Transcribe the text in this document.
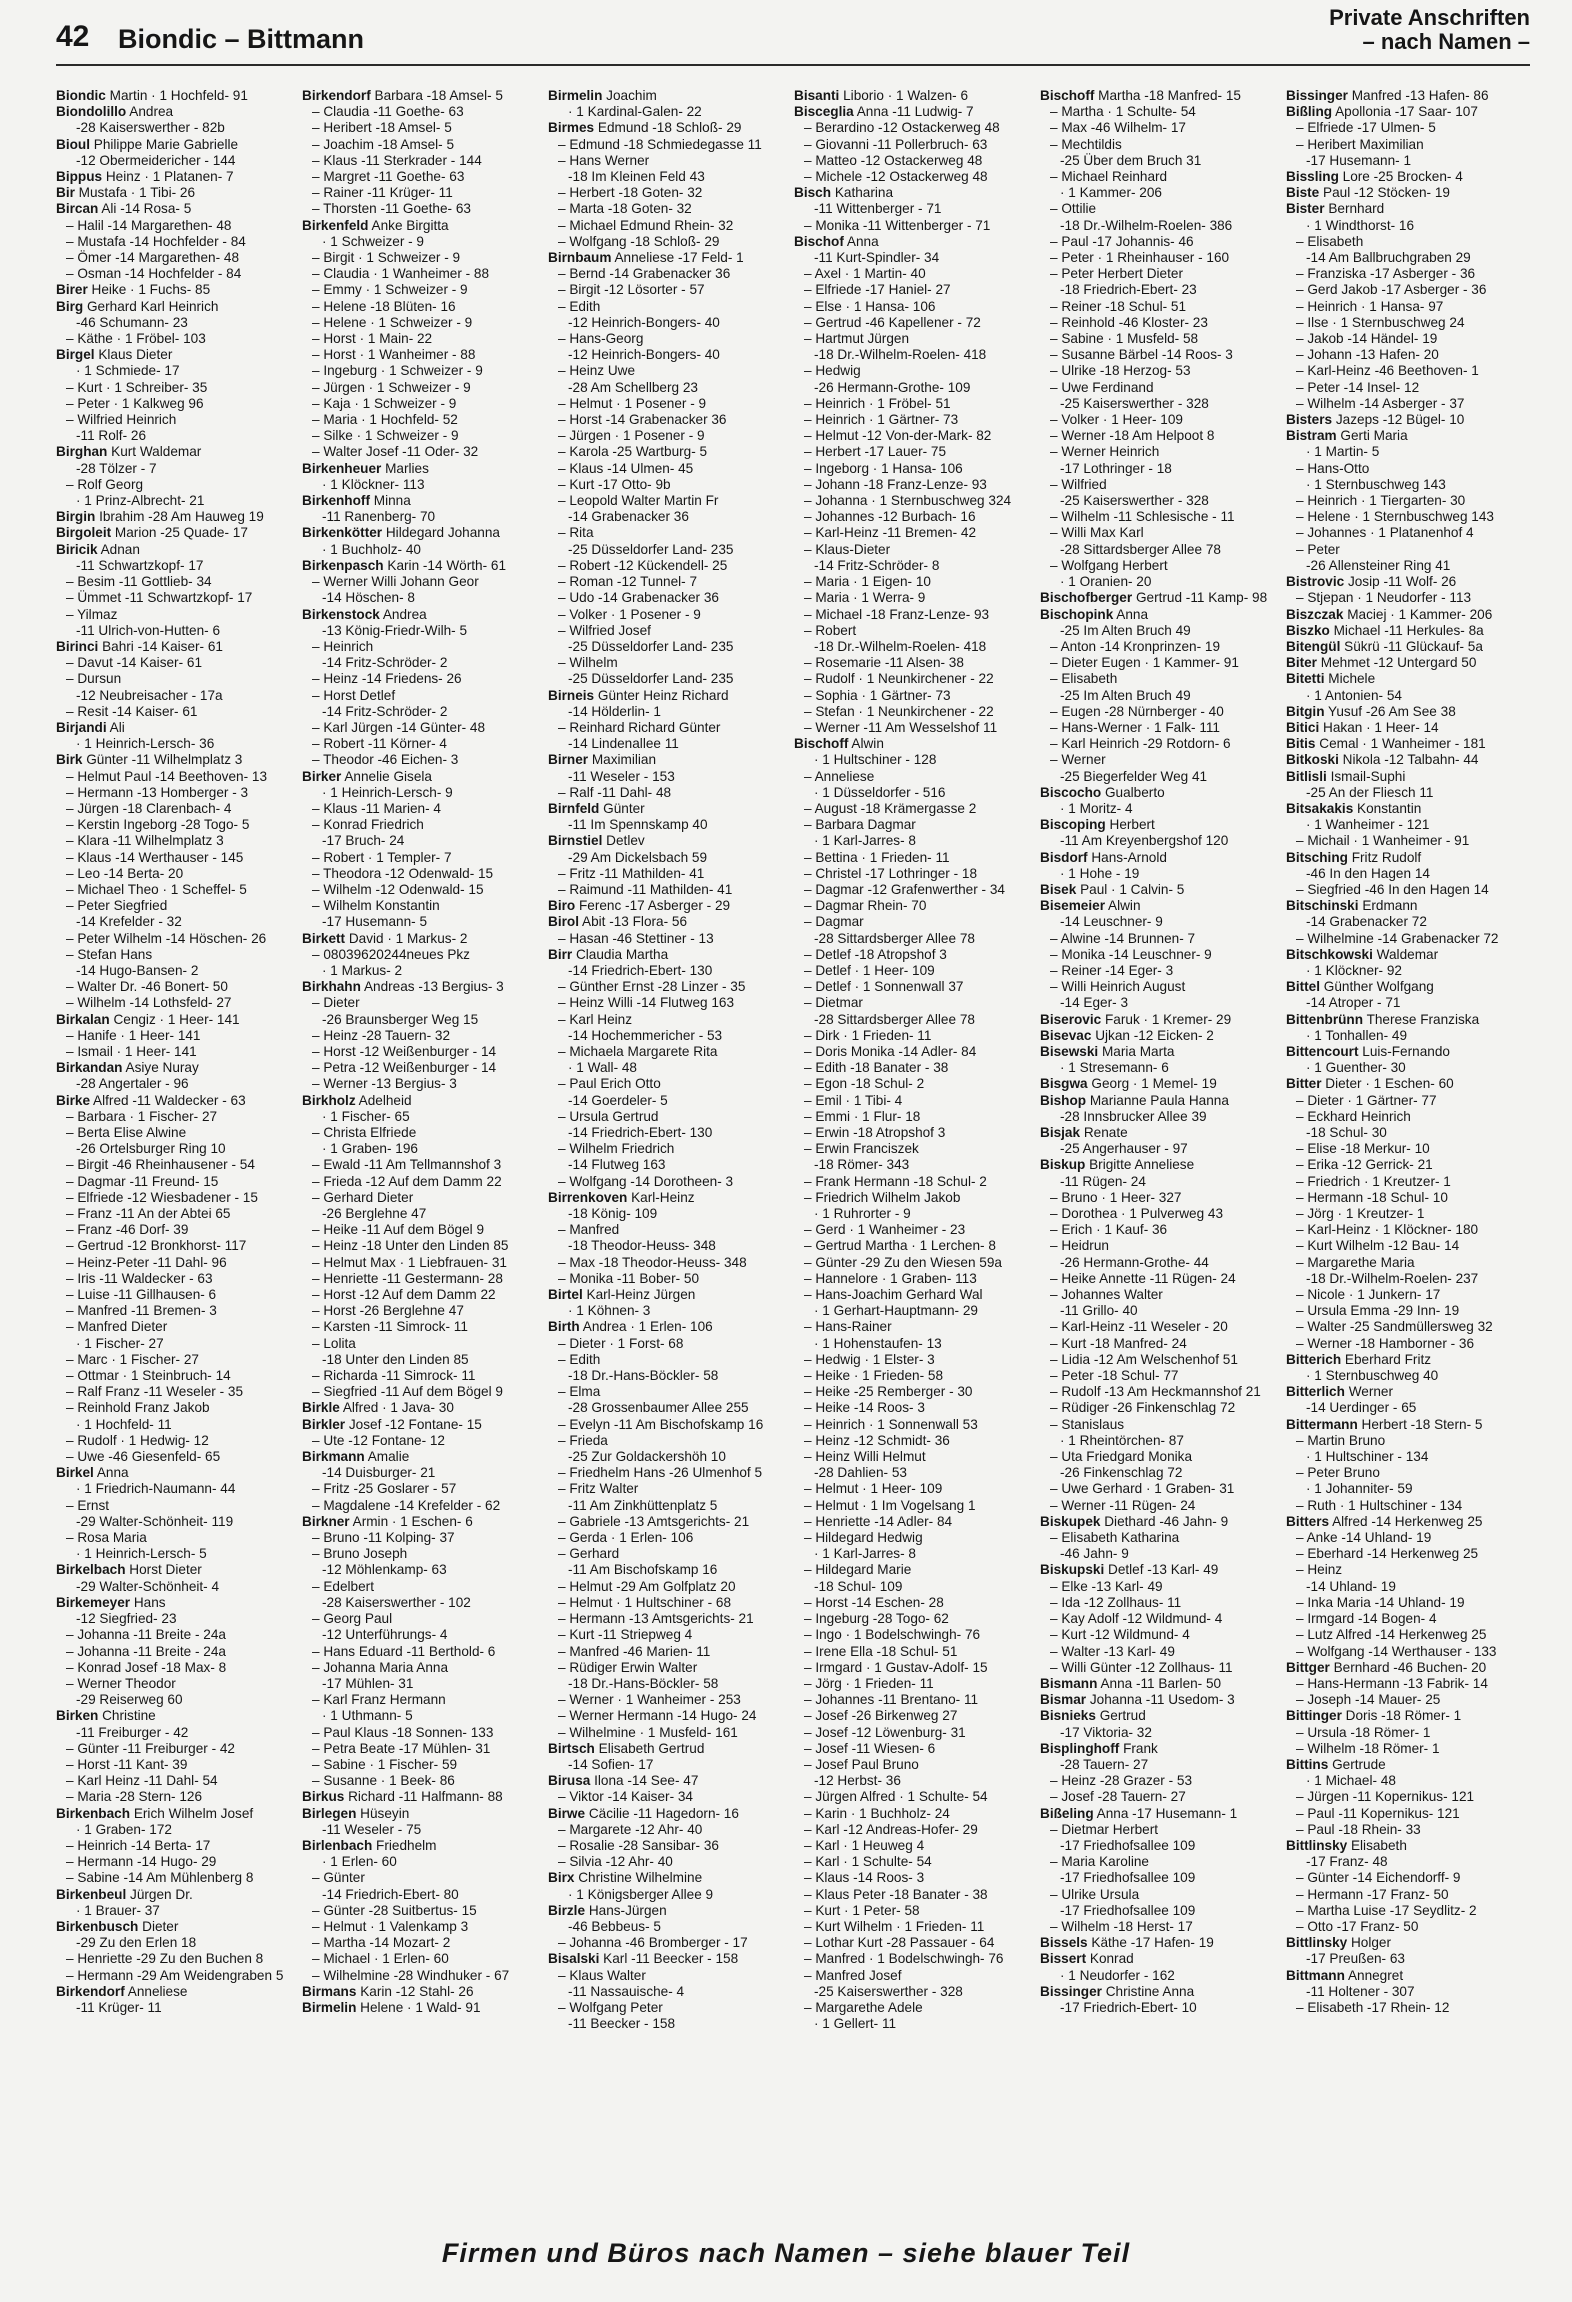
42 Biondic – Bittmann
Private Anschriften
– nach Namen –
Biondic Martin · 1 Hochfeld- 91
Biondolillo Andrea
-28 Kaiserswerther - 82b
Bioul Philippe Marie Gabrielle
-12 Obermeidericher - 144
Bippus Heinz · 1 Platanen- 7
Bir Mustafa · 1 Tibi- 26
Bircan Ali -14 Rosa- 5
– Halil -14 Margarethen- 48
– Mustafa -14 Hochfelder - 84
– Ömer -14 Margarethen- 48
– Osman -14 Hochfelder - 84
Birer Heike · 1 Fuchs- 85
Birg Gerhard Karl Heinrich
-46 Schumann- 23
– Käthe · 1 Fröbel- 103
Birgel Klaus Dieter
· 1 Schmiede- 17
– Kurt · 1 Schreiber- 35
– Peter · 1 Kalkweg 96
– Wilfried Heinrich
-11 Rolf- 26
Birghan Kurt Waldemar
-28 Tölzer - 7
– Rolf Georg
· 1 Prinz-Albrecht- 21
Birgin Ibrahim -28 Am Hauweg 19
Birgoleit Marion -25 Quade- 17
Biricik Adnan
-11 Schwartzkopf- 17
– Besim -11 Gottlieb- 34
– Ümmet -11 Schwartzkopf- 17
– Yilmaz
-11 Ulrich-von-Hutten- 6
Birinci Bahri -14 Kaiser- 61
– Davut -14 Kaiser- 61
– Dursun
-12 Neubreisacher - 17a
– Resit -14 Kaiser- 61
Birjandi Ali
· 1 Heinrich-Lersch- 36
Birk Günter -11 Wilhelmplatz 3
– Helmut Paul -14 Beethoven- 13
– Hermann -13 Homberger - 3
– Jürgen -18 Clarenbach- 4
– Kerstin Ingeborg -28 Togo- 5
– Klara -11 Wilhelmplatz 3
– Klaus -14 Werthauser - 145
– Leo -14 Berta- 20
– Michael Theo · 1 Scheffel- 5
– Peter Siegfried
-14 Krefelder - 32
– Peter Wilhelm -14 Höschen- 26
– Stefan Hans
-14 Hugo-Bansen- 2
– Walter Dr. -46 Bonert- 50
– Wilhelm -14 Lothsfeld- 27
Birkalan Cengiz · 1 Heer- 141
– Hanife · 1 Heer- 141
– Ismail · 1 Heer- 141
Birkandan Asiye Nuray
-28 Angertaler - 96
Birke Alfred -11 Waldecker - 63
– Barbara · 1 Fischer- 27
– Berta Elise Alwine
-26 Ortelsburger Ring 10
– Birgit -46 Rheinhausener - 54
– Dagmar -11 Freund- 15
– Elfriede -12 Wiesbadener - 15
– Franz -11 An der Abtei 65
– Franz -46 Dorf- 39
– Gertrud -12 Bronkhorst- 117
– Heinz-Peter -11 Dahl- 96
– Iris -11 Waldecker - 63
– Luise -11 Gillhausen- 6
– Manfred -11 Bremen- 3
– Manfred Dieter
· 1 Fischer- 27
– Marc · 1 Fischer- 27
– Ottmar · 1 Steinbruch- 14
– Ralf Franz -11 Weseler - 35
– Reinhold Franz Jakob
· 1 Hochfeld- 11
– Rudolf · 1 Hedwig- 12
– Uwe -46 Giesenfeld- 65
Birkel Anna
· 1 Friedrich-Naumann- 44
– Ernst
-29 Walter-Schönheit- 119
– Rosa Maria
· 1 Heinrich-Lersch- 5
Birkelbach Horst Dieter
-29 Walter-Schönheit- 4
Birkemeyer Hans
-12 Siegfried- 23
– Johanna -11 Breite - 24a
– Johanna -11 Breite - 24a
– Konrad Josef -18 Max- 8
– Werner Theodor
-29 Reiserweg 60
Birken Christine
-11 Freiburger - 42
– Günter -11 Freiburger - 42
– Horst -11 Kant- 39
– Karl Heinz -11 Dahl- 54
– Maria -28 Stern- 126
Birkenbach Erich Wilhelm Josef
· 1 Graben- 172
– Heinrich -14 Berta- 17
– Hermann -14 Hugo- 29
– Sabine -14 Am Mühlenberg 8
Birkenbeul Jürgen Dr.
· 1 Brauer- 37
Birkenbusch Dieter
-29 Zu den Erlen 18
– Henriette -29 Zu den Buchen 8
– Hermann -29 Am Weidengraben 5
Birkendorf Anneliese
-11 Krüger- 11
Birkendorf Barbara -18 Amsel- 5
– Claudia -11 Goethe- 63
– Heribert -18 Amsel- 5
– Joachim -18 Amsel- 5
– Klaus -11 Sterkrader - 144
– Margret -11 Goethe- 63
– Rainer -11 Krüger- 11
– Thorsten -11 Goethe- 63
Birkenfeld Anke Birgitta
· 1 Schweizer - 9
– Birgit · 1 Schweizer - 9
– Claudia · 1 Wanheimer - 88
– Emmy · 1 Schweizer - 9
– Helene -18 Blüten- 16
– Helene · 1 Schweizer - 9
– Horst · 1 Main- 22
– Horst · 1 Wanheimer - 88
– Ingeburg · 1 Schweizer - 9
– Jürgen · 1 Schweizer - 9
– Kaja · 1 Schweizer - 9
– Maria · 1 Hochfeld- 52
– Silke · 1 Schweizer - 9
– Walter Josef -11 Oder- 32
Birkenheuer Marlies
· 1 Klöckner- 113
Birkenhoff Minna
-11 Ranenberg- 70
Birkenkötter Hildegard Johanna
· 1 Buchholz- 40
Birkenpasch Karin -14 Wörth- 61
– Werner Willi Johann Geor
-14 Höschen- 8
Birkenstock Andrea
-13 König-Friedr-Wilh- 5
– Heinrich
-14 Fritz-Schröder- 2
– Heinz -14 Friedens- 26
– Horst Detlef
-14 Fritz-Schröder- 2
– Karl Jürgen -14 Günter- 48
– Robert -11 Körner- 4
– Theodor -46 Eichen- 3
Birker Annelie Gisela
· 1 Heinrich-Lersch- 9
– Klaus -11 Marien- 4
– Konrad Friedrich
-17 Bruch- 24
– Robert · 1 Templer- 7
– Theodora -12 Odenwald- 15
– Wilhelm -12 Odenwald- 15
– Wilhelm Konstantin
-17 Husemann- 5
Birkett David · 1 Markus- 2
– 08039620244neues Pkz
· 1 Markus- 2
Birkhahn Andreas -13 Bergius- 3
– Dieter
-26 Braunsberger Weg 15
– Heinz -28 Tauern- 32
– Horst -12 Weißenburger - 14
– Petra -12 Weißenburger - 14
– Werner -13 Bergius- 3
Birkholz Adelheid
· 1 Fischer- 65
– Christa Elfriede
· 1 Graben- 196
– Ewald -11 Am Tellmannshof 3
– Frieda -12 Auf dem Damm 22
– Gerhard Dieter
-26 Berglehne 47
– Heike -11 Auf dem Bögel 9
– Heinz -18 Unter den Linden 85
– Helmut Max · 1 Liebfrauen- 31
– Henriette -11 Gestermann- 28
– Horst -12 Auf dem Damm 22
– Horst -26 Berglehne 47
– Karsten -11 Simrock- 11
– Lolita
-18 Unter den Linden 85
– Richarda -11 Simrock- 11
– Siegfried -11 Auf dem Bögel 9
Birkle Alfred · 1 Java- 30
Birkler Josef -12 Fontane- 15
– Ute -12 Fontane- 12
Birkmann Amalie
-14 Duisburger- 21
– Fritz -25 Goslarer - 57
– Magdalene -14 Krefelder - 62
Birkner Armin · 1 Eschen- 6
– Bruno -11 Kolping- 37
– Bruno Joseph
-12 Möhlenkamp- 63
– Edelbert
-28 Kaiserswerther - 102
– Georg Paul
-12 Unterführungs- 4
– Hans Eduard -11 Berthold- 6
– Johanna Maria Anna
-17 Mühlen- 31
– Karl Franz Hermann
· 1 Uthmann- 5
– Paul Klaus -18 Sonnen- 133
– Petra Beate -17 Mühlen- 31
– Sabine · 1 Fischer- 59
– Susanne · 1 Beek- 86
Birkus Richard -11 Halfmann- 88
Birlegen Hüseyin
-11 Weseler - 75
Birlenbach Friedhelm
· 1 Erlen- 60
– Günter
-14 Friedrich-Ebert- 80
– Günter -28 Suitbertus- 15
– Helmut · 1 Valenkamp 3
– Martha -14 Mozart- 2
– Michael · 1 Erlen- 60
– Wilhelmine -28 Windhuker - 67
Birmans Karin -12 Stahl- 26
Birmelin Helene · 1 Wald- 91
Birmelin Joachim
· 1 Kardinal-Galen- 22
Birmes Edmund -18 Schloß- 29
– Edmund -18 Schmiedegasse 11
– Hans Werner
-18 Im Kleinen Feld 43
– Herbert -18 Goten- 32
– Marta -18 Goten- 32
– Michael Edmund Rhein- 32
– Wolfgang -18 Schloß- 29
Birnbaum Anneliese -17 Feld- 1
– Bernd -14 Grabenacker 36
– Birgit -12 Lösorter - 57
– Edith
-12 Heinrich-Bongers- 40
– Hans-Georg
-12 Heinrich-Bongers- 40
– Heinz Uwe
-28 Am Schellberg 23
– Helmut · 1 Posener - 9
– Horst -14 Grabenacker 36
– Jürgen · 1 Posener - 9
– Karola -25 Wartburg- 5
– Klaus -14 Ulmen- 45
– Kurt -17 Otto- 9b
– Leopold Walter Martin Fr
-14 Grabenacker 36
– Rita
-25 Düsseldorfer Land- 235
– Robert -12 Kückendell- 25
– Roman -12 Tunnel- 7
– Udo -14 Grabenacker 36
– Volker · 1 Posener - 9
– Wilfried Josef
-25 Düsseldorfer Land- 235
– Wilhelm
-25 Düsseldorfer Land- 235
Birneis Günter Heinz Richard
-14 Hölderlin- 1
– Reinhard Richard Günter
-14 Lindenallee 11
Birner Maximilian
-11 Weseler - 153
– Ralf -11 Dahl- 48
Birnfeld Günter
-11 Im Spennskamp 40
Birnstiel Detlev
-29 Am Dickelsbach 59
– Fritz -11 Mathilden- 41
– Raimund -11 Mathilden- 41
Biro Ferenc -17 Asberger - 29
Birol Abit -13 Flora- 56
– Hasan -46 Stettiner - 13
Birr Claudia Martha
-14 Friedrich-Ebert- 130
– Günther Ernst -28 Linzer - 35
– Heinz Willi -14 Flutweg 163
– Karl Heinz
-14 Hochemmericher - 53
– Michaela Margarete Rita
· 1 Wall- 48
– Paul Erich Otto
-14 Goerdeler- 5
– Ursula Gertrud
-14 Friedrich-Ebert- 130
– Wilhelm Friedrich
-14 Flutweg 163
– Wolfgang -14 Dorotheen- 3
Birrenkoven Karl-Heinz
-18 König- 109
– Manfred
-18 Theodor-Heuss- 348
– Max -18 Theodor-Heuss- 348
– Monika -11 Bober- 50
Birtel Karl-Heinz Jürgen
· 1 Köhnen- 3
Birth Andrea · 1 Erlen- 106
– Dieter · 1 Forst- 68
– Edith
-18 Dr.-Hans-Böckler- 58
– Elma
-28 Grossenbaumer Allee 255
– Evelyn -11 Am Bischofskamp 16
– Frieda
-25 Zur Goldackershöh 10
– Friedhelm Hans -26 Ulmenhof 5
– Fritz Walter
-11 Am Zinkhüttenplatz 5
– Gabriele -13 Amtsgerichts- 21
– Gerda · 1 Erlen- 106
– Gerhard
-11 Am Bischofskamp 16
– Helmut -29 Am Golfplatz 20
– Helmut · 1 Hultschiner - 68
– Hermann -13 Amtsgerichts- 21
– Kurt -11 Striepweg 4
– Manfred -46 Marien- 11
– Rüdiger Erwin Walter
-18 Dr.-Hans-Böckler- 58
– Werner · 1 Wanheimer - 253
– Werner Hermann -14 Hugo- 24
– Wilhelmine · 1 Musfeld- 161
Birtsch Elisabeth Gertrud
-14 Sofien- 17
Birusa Ilona -14 See- 47
– Viktor -14 Kaiser- 34
Birwe Cäcilie -11 Hagedorn- 16
– Margarete -12 Ahr- 40
– Rosalie -28 Sansibar- 36
– Silvia -12 Ahr- 40
Birx Christine Wilhelmine
· 1 Königsberger Allee 9
Birzle Hans-Jürgen
-46 Bebbeus- 5
– Johanna -46 Bromberger - 17
Bisalski Karl -11 Beecker - 158
– Klaus Walter
-11 Nassauische- 4
– Wolfgang Peter
-11 Beecker - 158
Bisanti Liborio · 1 Walzen- 6
Bisceglia Anna -11 Ludwig- 7
– Berardino -12 Ostackerweg 48
– Giovanni -11 Pollerbruch- 63
– Matteo -12 Ostackerweg 48
– Michele -12 Ostackerweg 48
Bisch Katharina
-11 Wittenberger - 71
– Monika -11 Wittenberger - 71
Bischof Anna
-11 Kurt-Spindler- 34
– Axel · 1 Martin- 40
– Elfriede -17 Haniel- 27
– Else · 1 Hansa- 106
– Gertrud -46 Kapellener - 72
– Hartmut Jürgen
-18 Dr.-Wilhelm-Roelen- 418
– Hedwig
-26 Hermann-Grothe- 109
– Heinrich · 1 Fröbel- 51
– Heinrich · 1 Gärtner- 73
– Helmut -12 Von-der-Mark- 82
– Herbert -17 Lauer- 75
– Ingeborg · 1 Hansa- 106
– Johann -18 Franz-Lenze- 93
– Johanna · 1 Sternbuschweg 324
– Johannes -12 Burbach- 16
– Karl-Heinz -11 Bremen- 42
– Klaus-Dieter
-14 Fritz-Schröder- 8
– Maria · 1 Eigen- 10
– Maria · 1 Werra- 9
– Michael -18 Franz-Lenze- 93
– Robert
-18 Dr.-Wilhelm-Roelen- 418
– Rosemarie -11 Alsen- 38
– Rudolf · 1 Neunkirchener - 22
– Sophia · 1 Gärtner- 73
– Stefan · 1 Neunkirchener - 22
– Werner -11 Am Wesselshof 11
Bischoff Alwin
· 1 Hultschiner - 128
– Anneliese
· 1 Düsseldorfer - 516
– August -18 Krämergasse 2
– Barbara Dagmar
· 1 Karl-Jarres- 8
– Bettina · 1 Frieden- 11
– Christel -17 Lothringer - 18
– Dagmar -12 Grafenwerther - 34
– Dagmar Rhein- 70
– Dagmar
-28 Sittardsberger Allee 78
– Detlef -18 Atropshof 3
– Detlef · 1 Heer- 109
– Detlef · 1 Sonnenwall 37
– Dietmar
-28 Sittardsberger Allee 78
– Dirk · 1 Frieden- 11
– Doris Monika -14 Adler- 84
– Edith -18 Banater - 38
– Egon -18 Schul- 2
– Emil · 1 Tibi- 4
– Emmi · 1 Flur- 18
– Erwin -18 Atropshof 3
– Erwin Franciszek
-18 Römer- 343
– Frank Hermann -18 Schul- 2
– Friedrich Wilhelm Jakob
· 1 Ruhrorter - 9
– Gerd · 1 Wanheimer - 23
– Gertrud Martha · 1 Lerchen- 8
– Günter -29 Zu den Wiesen 59a
– Hannelore · 1 Graben- 113
– Hans-Joachim Gerhard Wal
· 1 Gerhart-Hauptmann- 29
– Hans-Rainer
· 1 Hohenstaufen- 13
– Hedwig · 1 Elster- 3
– Heike · 1 Frieden- 58
– Heike -25 Remberger - 30
– Heike -14 Roos- 3
– Heinrich · 1 Sonnenwall 53
– Heinz -12 Schmidt- 36
– Heinz Willi Helmut
-28 Dahlien- 53
– Helmut · 1 Heer- 109
– Helmut · 1 Im Vogelsang 1
– Henriette -14 Adler- 84
– Hildegard Hedwig
· 1 Karl-Jarres- 8
– Hildegard Marie
-18 Schul- 109
– Horst -14 Eschen- 28
– Ingeburg -28 Togo- 62
– Ingo · 1 Bodelschwingh- 76
– Irene Ella -18 Schul- 51
– Irmgard · 1 Gustav-Adolf- 15
– Jörg · 1 Frieden- 11
– Johannes -11 Brentano- 11
– Josef -26 Birkenweg 27
– Josef -12 Löwenburg- 31
– Josef -11 Wiesen- 6
– Josef Paul Bruno
-12 Herbst- 36
– Jürgen Alfred · 1 Schulte- 54
– Karin · 1 Buchholz- 24
– Karl -12 Andreas-Hofer- 29
– Karl · 1 Heuweg 4
– Karl · 1 Schulte- 54
– Klaus -14 Roos- 3
– Klaus Peter -18 Banater - 38
– Kurt · 1 Peter- 58
– Kurt Wilhelm · 1 Frieden- 11
– Lothar Kurt -28 Passauer - 64
– Manfred · 1 Bodelschwingh- 76
– Manfred Josef
-25 Kaiserswerther - 328
– Margarethe Adele
· 1 Gellert- 11
Bischoff Martha -18 Manfred- 15
– Martha · 1 Schulte- 54
– Max -46 Wilhelm- 17
– Mechtildis
-25 Über dem Bruch 31
– Michael Reinhard
· 1 Kammer- 206
– Ottilie
-18 Dr.-Wilhelm-Roelen- 386
– Paul -17 Johannis- 46
– Peter · 1 Rheinhauser - 160
– Peter Herbert Dieter
-18 Friedrich-Ebert- 23
– Reiner -18 Schul- 51
– Reinhold -46 Kloster- 23
– Sabine · 1 Musfeld- 58
– Susanne Bärbel -14 Roos- 3
– Ulrike -18 Herzog- 53
– Uwe Ferdinand
-25 Kaiserswerther - 328
– Volker · 1 Heer- 109
– Werner -18 Am Helpoot 8
– Werner Heinrich
-17 Lothringer - 18
– Wilfried
-25 Kaiserswerther - 328
– Wilhelm -11 Schlesische - 11
– Willi Max Karl
-28 Sittardsberger Allee 78
– Wolfgang Herbert
· 1 Oranien- 20
Bischofberger Gertrud -11 Kamp- 98
Bischopink Anna
-25 Im Alten Bruch 49
– Anton -14 Kronprinzen- 19
– Dieter Eugen · 1 Kammer- 91
– Elisabeth
-25 Im Alten Bruch 49
– Eugen -28 Nürnberger - 40
– Hans-Werner · 1 Falk- 111
– Karl Heinrich -29 Rotdorn- 6
– Werner
-25 Biegerfelder Weg 41
Biscocho Gualberto
· 1 Moritz- 4
Biscoping Herbert
-11 Am Kreyenbergshof 120
Bisdorf Hans-Arnold
· 1 Hohe - 19
Bisek Paul · 1 Calvin- 5
Bisemeier Alwin
-14 Leuschner- 9
– Alwine -14 Brunnen- 7
– Monika -14 Leuschner- 9
– Reiner -14 Eger- 3
– Willi Heinrich August
-14 Eger- 3
Biserovic Faruk · 1 Kremer- 29
Bisevac Ujkan -12 Eicken- 2
Bisewski Maria Marta
· 1 Stresemann- 6
Bisgwa Georg · 1 Memel- 19
Bishop Marianne Paula Hanna
-28 Innsbrucker Allee 39
Bisjak Renate
-25 Angerhauser - 97
Biskup Brigitte Anneliese
-11 Rügen- 24
– Bruno · 1 Heer- 327
– Dorothea · 1 Pulverweg 43
– Erich · 1 Kauf- 36
– Heidrun
-26 Hermann-Grothe- 44
– Heike Annette -11 Rügen- 24
– Johannes Walter
-11 Grillo- 40
– Karl-Heinz -11 Weseler - 20
– Kurt -18 Manfred- 24
– Lidia -12 Am Welschenhof 51
– Peter -18 Schul- 77
– Rudolf -13 Am Heckmannshof 21
– Rüdiger -26 Finkenschlag 72
– Stanislaus
· 1 Rheintörchen- 87
– Uta Friedgard Monika
-26 Finkenschlag 72
– Uwe Gerhard · 1 Graben- 31
– Werner -11 Rügen- 24
Biskupek Diethard -46 Jahn- 9
– Elisabeth Katharina
-46 Jahn- 9
Biskupski Detlef -13 Karl- 49
– Elke -13 Karl- 49
– Ida -12 Zollhaus- 11
– Kay Adolf -12 Wildmund- 4
– Kurt -12 Wildmund- 4
– Walter -13 Karl- 49
– Willi Günter -12 Zollhaus- 11
Bismann Anna -11 Barlen- 50
Bismar Johanna -11 Usedom- 3
Bisnieks Gertrud
-17 Viktoria- 32
Bisplinghoff Frank
-28 Tauern- 27
– Heinz -28 Grazer - 53
– Josef -28 Tauern- 27
Bißeling Anna -17 Husemann- 1
– Dietmar Herbert
-17 Friedhofsallee 109
– Maria Karoline
-17 Friedhofsallee 109
– Ulrike Ursula
-17 Friedhofsallee 109
– Wilhelm -18 Herst- 17
Bissels Käthe -17 Hafen- 19
Bissert Konrad
· 1 Neudorfer - 162
Bissinger Christine Anna
-17 Friedrich-Ebert- 10
Bissinger Manfred -13 Hafen- 86
Bißling Apollonia -17 Saar- 107
– Elfriede -17 Ulmen- 5
– Heribert Maximilian
-17 Husemann- 1
Bissling Lore -25 Brocken- 4
Biste Paul -12 Stöcken- 19
Bister Bernhard
· 1 Windthorst- 16
– Elisabeth
-14 Am Ballbruchgraben 29
– Franziska -17 Asberger - 36
– Gerd Jakob -17 Asberger - 36
– Heinrich · 1 Hansa- 97
– Ilse · 1 Sternbuschweg 24
– Jakob -14 Händel- 19
– Johann -13 Hafen- 20
– Karl-Heinz -46 Beethoven- 1
– Peter -14 Insel- 12
– Wilhelm -14 Asberger - 37
Bisters Jazeps -12 Bügel- 10
Bistram Gerti Maria
· 1 Martin- 5
– Hans-Otto
· 1 Sternbuschweg 143
– Heinrich · 1 Tiergarten- 30
– Helene · 1 Sternbuschweg 143
– Johannes · 1 Platanenhof 4
– Peter
-26 Allensteiner Ring 41
Bistrovic Josip -11 Wolf- 26
– Stjepan · 1 Neudorfer - 113
Biszczak Maciej · 1 Kammer- 206
Biszko Michael -11 Herkules- 8a
Bitengül Sükrü -11 Glückauf- 5a
Biter Mehmet -12 Untergard 50
Bitetti Michele
· 1 Antonien- 54
Bitgin Yusuf -26 Am See 38
Bitici Hakan · 1 Heer- 14
Bitis Cemal · 1 Wanheimer - 181
Bitkoski Nikola -12 Talbahn- 44
Bitlisli Ismail-Suphi
-25 An der Fliesch 11
Bitsakakis Konstantin
· 1 Wanheimer - 121
– Michail · 1 Wanheimer - 91
Bitsching Fritz Rudolf
-46 In den Hagen 14
– Siegfried -46 In den Hagen 14
Bitschinski Erdmann
-14 Grabenacker 72
– Wilhelmine -14 Grabenacker 72
Bitschkowski Waldemar
· 1 Klöckner- 92
Bittel Günther Wolfgang
-14 Atroper - 71
Bittenbrünn Therese Franziska
· 1 Tonhallen- 49
Bittencourt Luis-Fernando
· 1 Guenther- 30
Bitter Dieter · 1 Eschen- 60
– Dieter · 1 Gärtner- 77
– Eckhard Heinrich
-18 Schul- 30
– Elise -18 Merkur- 10
– Erika -12 Gerrick- 21
– Friedrich · 1 Kreutzer- 1
– Hermann -18 Schul- 10
– Jörg · 1 Kreutzer- 1
– Karl-Heinz · 1 Klöckner- 180
– Kurt Wilhelm -12 Bau- 14
– Margarethe Maria
-18 Dr.-Wilhelm-Roelen- 237
– Nicole · 1 Junkern- 17
– Ursula Emma -29 Inn- 19
– Walter -25 Sandmüllersweg 32
– Werner -18 Hamborner - 36
Bitterich Eberhard Fritz
· 1 Sternbuschweg 40
Bitterlich Werner
-14 Uerdinger - 65
Bittermann Herbert -18 Stern- 5
– Martin Bruno
· 1 Hultschiner - 134
– Peter Bruno
· 1 Johanniter- 59
– Ruth · 1 Hultschiner - 134
Bitters Alfred -14 Herkenweg 25
– Anke -14 Uhland- 19
– Eberhard -14 Herkenweg 25
– Heinz
-14 Uhland- 19
– Inka Maria -14 Uhland- 19
– Irmgard -14 Bogen- 4
– Lutz Alfred -14 Herkenweg 25
– Wolfgang -14 Werthauser - 133
Bittger Bernhard -46 Buchen- 20
– Hans-Hermann -13 Fabrik- 14
– Joseph -14 Mauer- 25
Bittinger Doris -18 Römer- 1
– Ursula -18 Römer- 1
– Wilhelm -18 Römer- 1
Bittins Gertrude
· 1 Michael- 48
– Jürgen -11 Kopernikus- 121
– Paul -11 Kopernikus- 121
– Paul -18 Rhein- 33
Bittlinsky Elisabeth
-17 Franz- 48
– Günter -14 Eichendorff- 9
– Hermann -17 Franz- 50
– Martha Luise -17 Seydlitz- 2
– Otto -17 Franz- 50
Bittlinsky Holger
-17 Preußen- 63
Bittmann Annegret
-11 Holtener - 307
– Elisabeth -17 Rhein- 12
Firmen und Büros nach Namen – siehe blauer Teil
